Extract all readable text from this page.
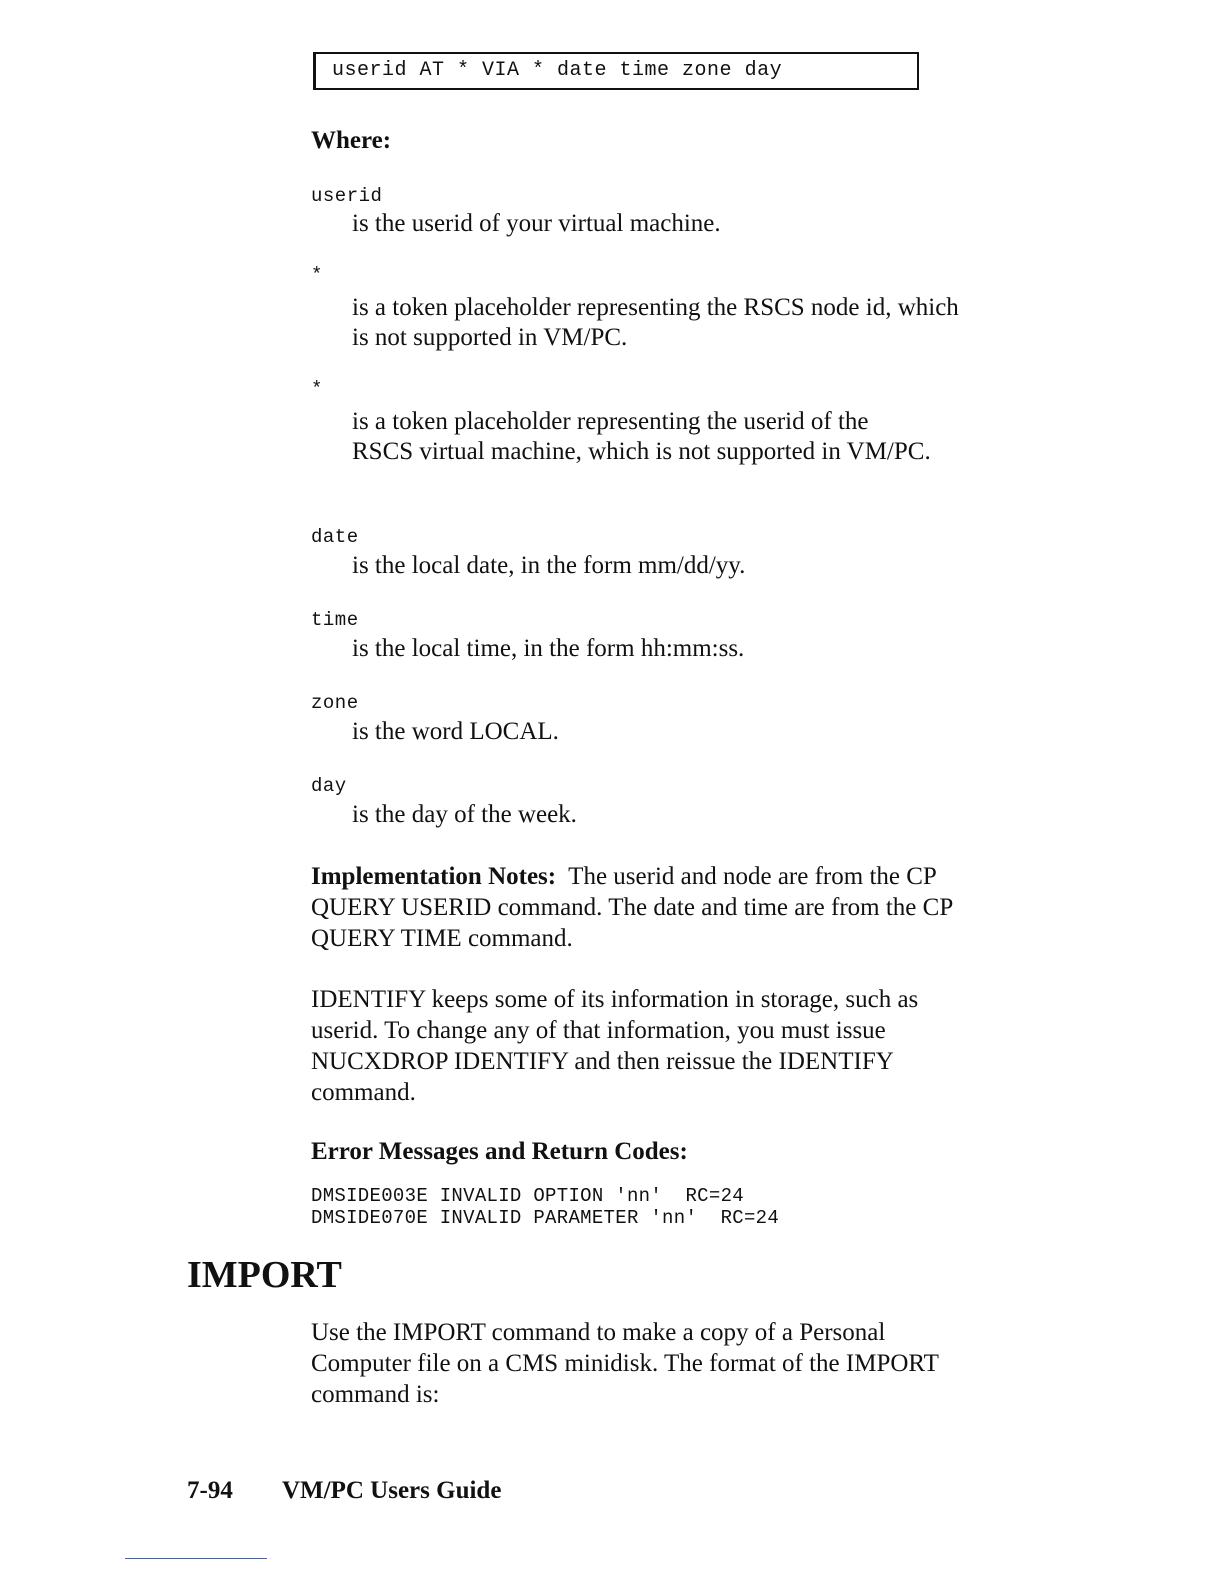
userid AT * VIA * date time zone day
Where:
userid
is the userid of your virtual machine.
*
is a token placeholder representing the RSCS node id, which is not supported in VM/PC.
*
is a token placeholder representing the userid of the RSCS virtual machine, which is not supported in VM/PC.
date
is the local date, in the form mm/dd/yy.
time
is the local time, in the form hh:mm:ss.
zone
is the word LOCAL.
day
is the day of the week.
Implementation Notes: The userid and node are from the CP QUERY USERID command. The date and time are from the CP QUERY TIME command.
IDENTIFY keeps some of its information in storage, such as userid. To change any of that information, you must issue NUCXDROP IDENTIFY and then reissue the IDENTIFY command.
Error Messages and Return Codes:
DMSIDE003E INVALID OPTION 'nn'  RC=24
DMSIDE070E INVALID PARAMETER 'nn'  RC=24
IMPORT
Use the IMPORT command to make a copy of a Personal Computer file on a CMS minidisk. The format of the IMPORT command is:
7-94 VM/PC Users Guide
